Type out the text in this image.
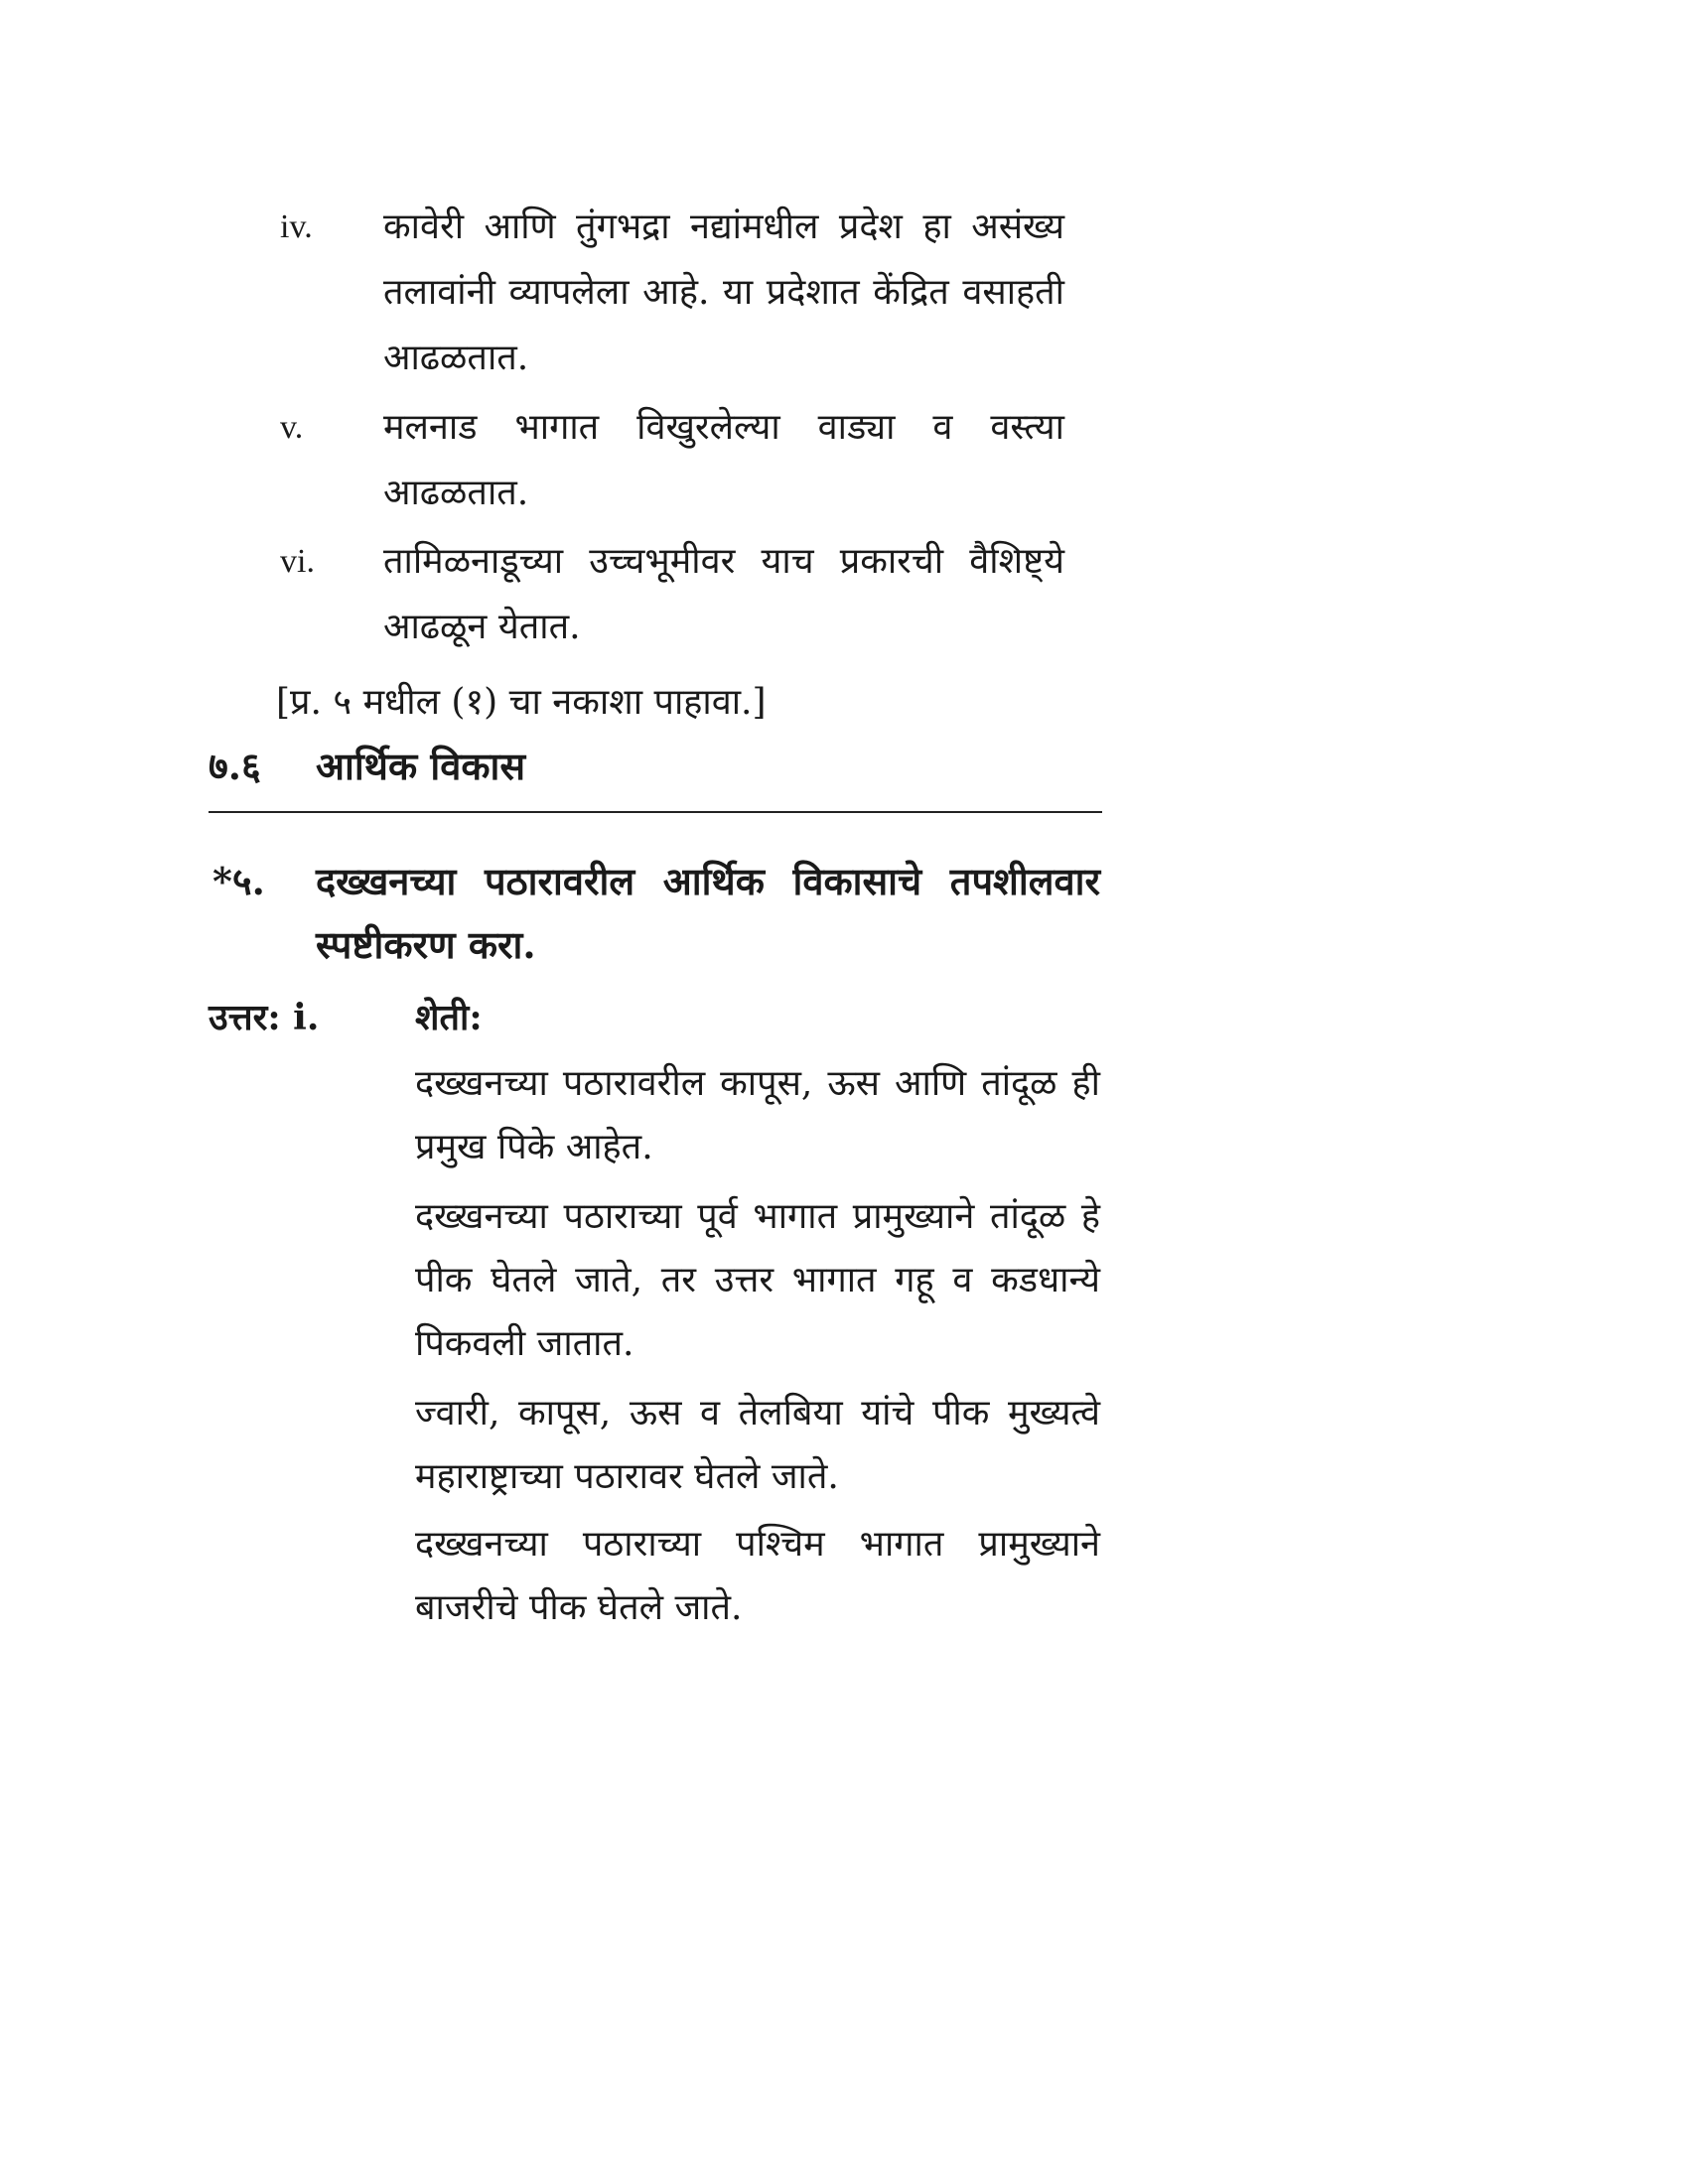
iv. कावेरी आणि तुंगभद्रा नद्यांमधील प्रदेश हा असंख्य तलावांनी व्यापलेला आहे. या प्रदेशात केंद्रित वसाहती आढळतात.
v. मलनाड भागात विखुरलेल्या वाड्या व वस्त्या आढळतात.
vi. तामिळनाडूच्या उच्चभूमीवर याच प्रकारची वैशिष्ट्ये आढळून येतात.
[प्र. ५ मधील (१) चा नकाशा पाहावा.]
७.६ आर्थिक विकास
*५. दख्खनच्या पठारावरील आर्थिक विकासाचे तपशीलवार स्पष्टीकरण करा.
उत्तर: i.	शेती:
दख्खनच्या पठारावरील कापूस, ऊस आणि तांदूळ ही प्रमुख पिके आहेत.
दख्खनच्या पठाराच्या पूर्व भागात प्रामुख्याने तांदूळ हे पीक घेतले जाते, तर उत्तर भागात गहू व कडधान्ये पिकवली जातात.
ज्वारी, कापूस, ऊस व तेलबिया यांचे पीक मुख्यत्वे महाराष्ट्राच्या पठारावर घेतले जाते.
दख्खनच्या पठाराच्या पश्चिम भागात प्रामुख्याने बाजरीचे पीक घेतले जाते.
